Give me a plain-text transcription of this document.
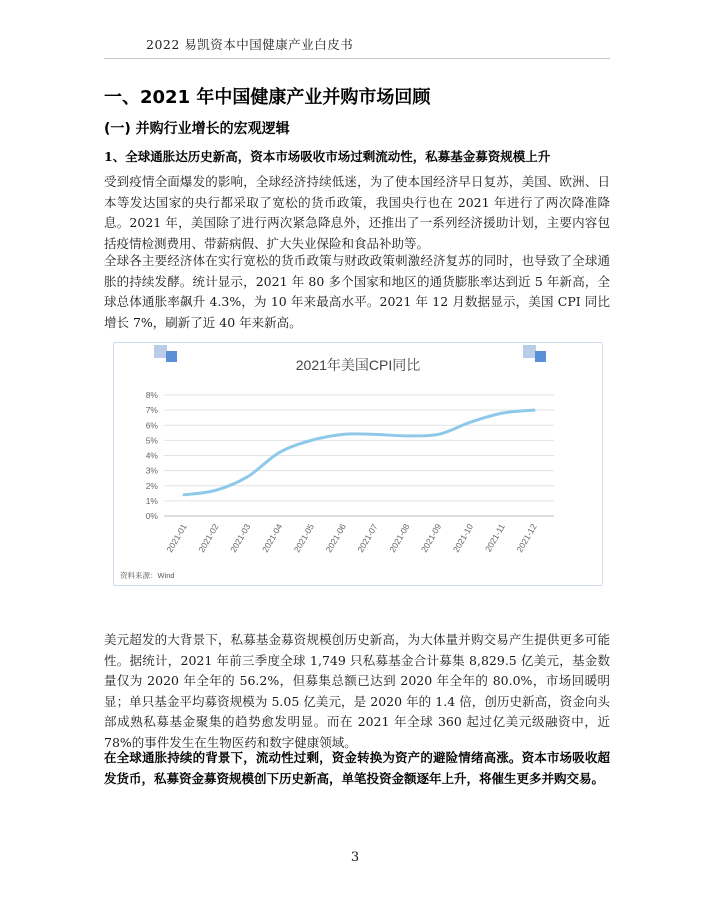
2022 易凯资本中国健康产业白皮书
一、2021 年中国健康产业并购市场回顾
(一) 并购行业增长的宏观逻辑
1、全球通胀达历史新高，资本市场吸收市场过剩流动性，私募基金募资规模上升

受到疫情全面爆发的影响，全球经济持续低迷，为了使本国经济早日复苏，美国、欧洲、日本等发达国家的央行都采取了宽松的货币政策，我国央行也在 2021 年进行了两次降准降息。2021 年，美国除了进行两次紧急降息外，还推出了一系列经济援助计划，主要内容包括疫情检测费用、带薪病假、扩大失业保险和食品补助等。

全球各主要经济体在实行宽松的货币政策与财政政策刺激经济复苏的同时，也导致了全球通胀的持续发酵。统计显示，2021 年 80 多个国家和地区的通货膨胀率达到近 5 年新高，全球总体通胀率飙升 4.3%，为 10 年来最高水平。2021 年 12 月数据显示，美国 CPI 同比增长 7%，刷新了近 40 年来新高。

2021年美国CPI同比
0%
1%
2%
3%
4%
5%
6%
7%
8%
2021-01 2021-02 2021-03 2021-04 2021-05 2021-06 2021-07 2021-08 2021-09 2021-10 2021-11 2021-12
资料来源：Wind

美元超发的大背景下，私募基金募资规模创历史新高，为大体量并购交易产生提供更多可能性。据统计，2021 年前三季度全球 1,749 只私募基金合计募集 8,829.5 亿美元，基金数量仅为 2020 年全年的 56.2%，但募集总额已达到 2020 年全年的 80.0%，市场回暖明显；单只基金平均募资规模为 5.05 亿美元，是 2020 年的 1.4 倍，创历史新高，资金向头部成熟私募基金聚集的趋势愈发明显。而在 2021 年全球 360 起过亿美元级融资中，近 78%的事件发生在生物医药和数字健康领域。

在全球通胀持续的背景下，流动性过剩，资金转换为资产的避险情绪高涨。资本市场吸收超发货币，私募资金募资规模创下历史新高，单笔投资金额逐年上升，将催生更多并购交易。

3
